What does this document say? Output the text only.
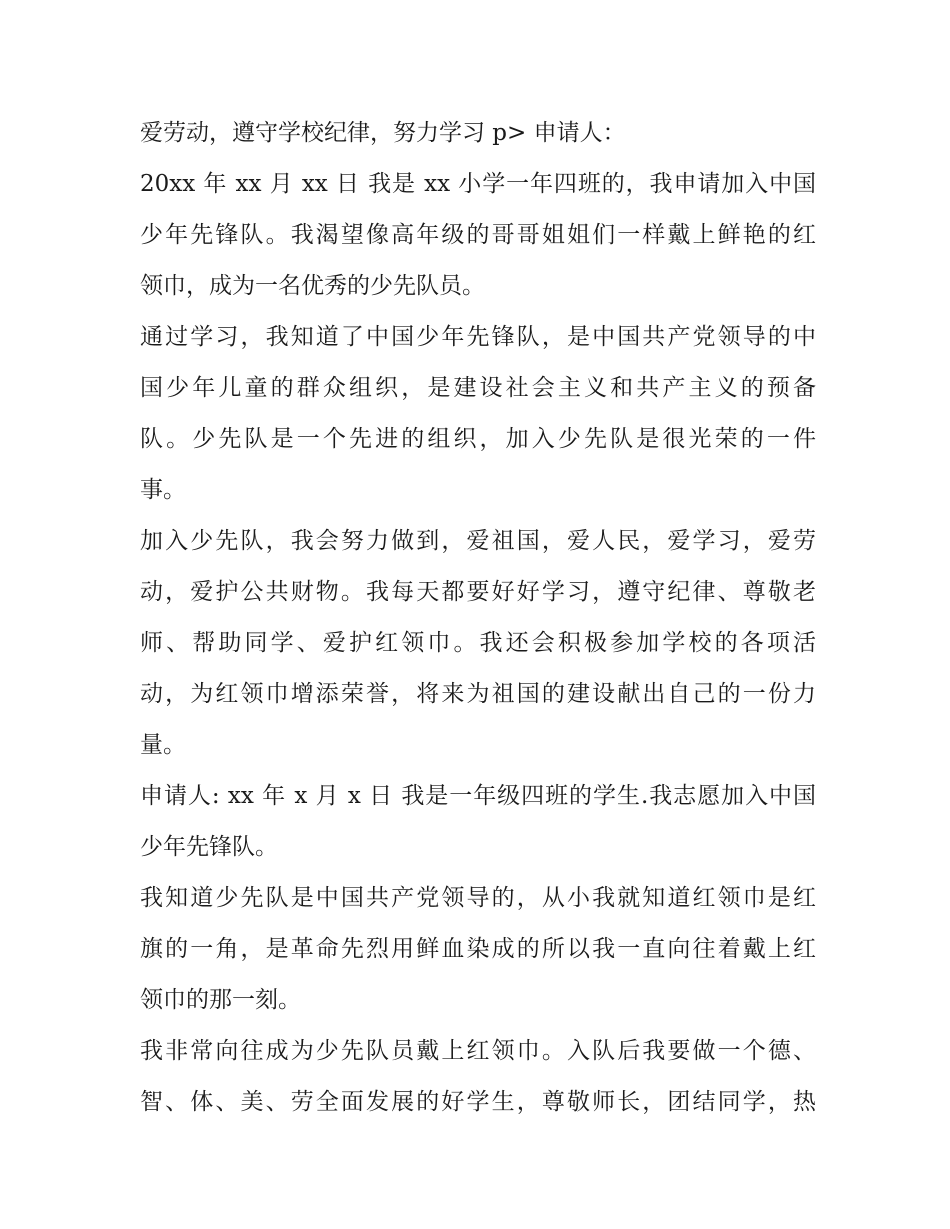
爱劳动，遵守学校纪律，努力学习 p> 申请人：
20xx 年 xx 月 xx 日 我是 xx 小学一年四班的，我申请加入中国
少年先锋队。我渴望像高年级的哥哥姐姐们一样戴上鲜艳的红
领巾，成为一名优秀的少先队员。
通过学习，我知道了中国少年先锋队，是中国共产党领导的中
国少年儿童的群众组织，是建设社会主义和共产主义的预备
队。少先队是一个先进的组织，加入少先队是很光荣的一件
事。
加入少先队，我会努力做到，爱祖国，爱人民，爱学习，爱劳
动，爱护公共财物。我每天都要好好学习，遵守纪律、尊敬老
师、帮助同学、爱护红领巾。我还会积极参加学校的各项活
动，为红领巾增添荣誉，将来为祖国的建设献出自己的一份力
量。
申请人: xx 年 x 月 x 日 我是一年级四班的学生.我志愿加入中国
少年先锋队。
我知道少先队是中国共产党领导的，从小我就知道红领巾是红
旗的一角，是革命先烈用鲜血染成的所以我一直向往着戴上红
领巾的那一刻。
我非常向往成为少先队员戴上红领巾。入队后我要做一个德、
智、体、美、劳全面发展的好学生，尊敬师长，团结同学，热
